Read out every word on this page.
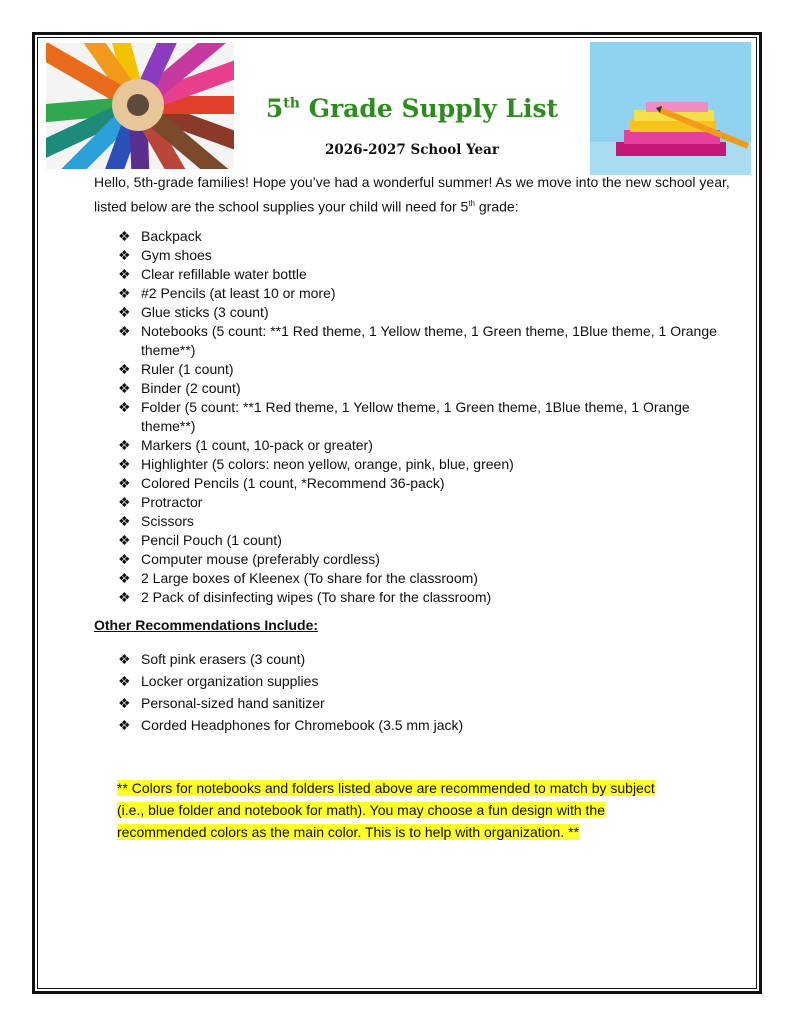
5th Grade Supply List
2026-2027 School Year
Hello, 5th-grade families! Hope you’ve had a wonderful summer! As we move into the new school year, listed below are the school supplies your child will need for 5th grade:
❖ Backpack
❖ Gym shoes
❖ Clear refillable water bottle
❖ #2 Pencils (at least 10 or more)
❖ Glue sticks (3 count)
❖ Notebooks (5 count: **1 Red theme, 1 Yellow theme, 1 Green theme, 1Blue theme, 1 Orange theme**)
❖ Ruler (1 count)
❖ Binder (2 count)
❖ Folder (5 count: **1 Red theme, 1 Yellow theme, 1 Green theme, 1Blue theme, 1 Orange theme**)
❖ Markers (1 count, 10-pack or greater)
❖ Highlighter (5 colors: neon yellow, orange, pink, blue, green)
❖ Colored Pencils (1 count, *Recommend 36-pack)
❖ Protractor
❖ Scissors
❖ Pencil Pouch (1 count)
❖ Computer mouse (preferably cordless)
❖ 2 Large boxes of Kleenex (To share for the classroom)
❖ 2 Pack of disinfecting wipes (To share for the classroom)
Other Recommendations Include:
❖ Soft pink erasers (3 count)
❖ Locker organization supplies
❖ Personal-sized hand sanitizer
❖ Corded Headphones for Chromebook (3.5 mm jack)
** Colors for notebooks and folders listed above are recommended to match by subject
(i.e., blue folder and notebook for math). You may choose a fun design with the
recommended colors as the main color. This is to help with organization. **
